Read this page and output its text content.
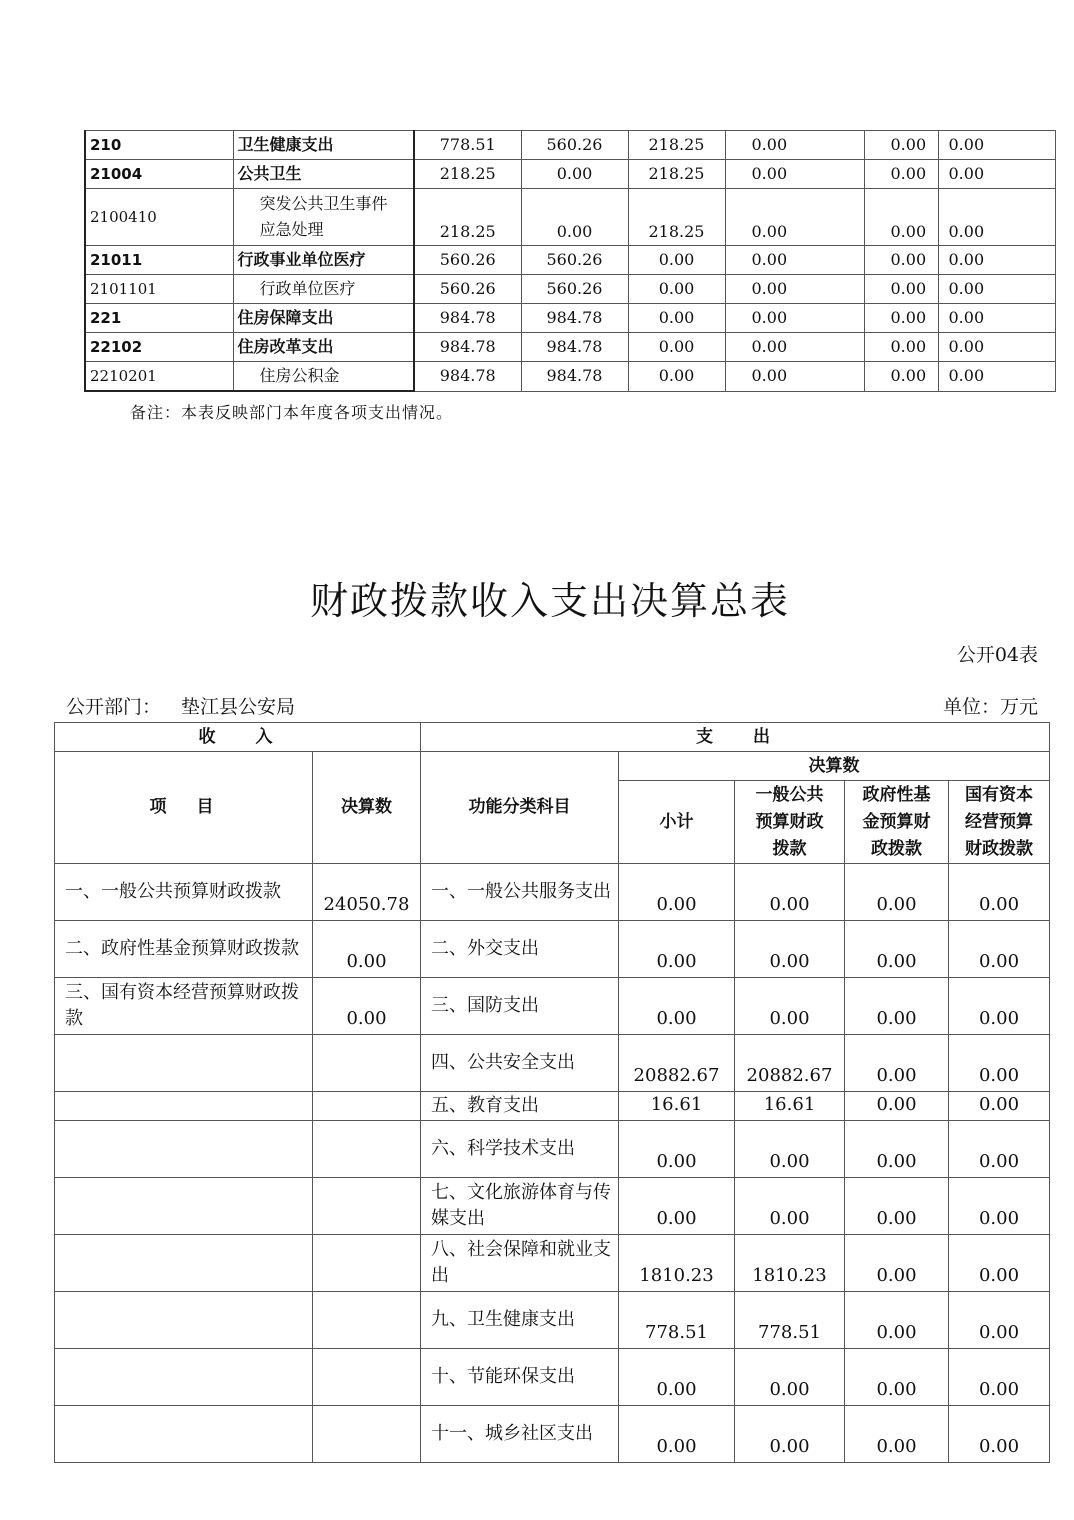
210	卫生健康支出	778.51	560.26	218.25	0.00	0.00	0.00
21004	公共卫生	218.25	0.00	218.25	0.00	0.00	0.00
2100410	突发公共卫生事件应急处理	218.25	0.00	218.25	0.00	0.00	0.00
21011	行政事业单位医疗	560.26	560.26	0.00	0.00	0.00	0.00
2101101	行政单位医疗	560.26	560.26	0.00	0.00	0.00	0.00
221	住房保障支出	984.78	984.78	0.00	0.00	0.00	0.00
22102	住房改革支出	984.78	984.78	0.00	0.00	0.00	0.00
2210201	住房公积金	984.78	984.78	0.00	0.00	0.00	0.00
备注：本表反映部门本年度各项支出情况。
财政拨款收入支出决算总表
公开04表
公开部门： 垫江县公安局	单位：万元
收入		支出				
项目	决算数	功能分类科目	决算数			
			小计	一般公共预算财政拨款	政府性基金预算财政拨款	国有资本经营预算财政拨款
一、一般公共预算财政拨款	24050.78	一、一般公共服务支出	0.00	0.00	0.00	0.00
二、政府性基金预算财政拨款	0.00	二、外交支出	0.00	0.00	0.00	0.00
三、国有资本经营预算财政拨款	0.00	三、国防支出	0.00	0.00	0.00	0.00
		四、公共安全支出	20882.67	20882.67	0.00	0.00
		五、教育支出	16.61	16.61	0.00	0.00
		六、科学技术支出	0.00	0.00	0.00	0.00
		七、文化旅游体育与传媒支出	0.00	0.00	0.00	0.00
		八、社会保障和就业支出	1810.23	1810.23	0.00	0.00
		九、卫生健康支出	778.51	778.51	0.00	0.00
		十、节能环保支出	0.00	0.00	0.00	0.00
		十一、城乡社区支出	0.00	0.00	0.00	0.00
